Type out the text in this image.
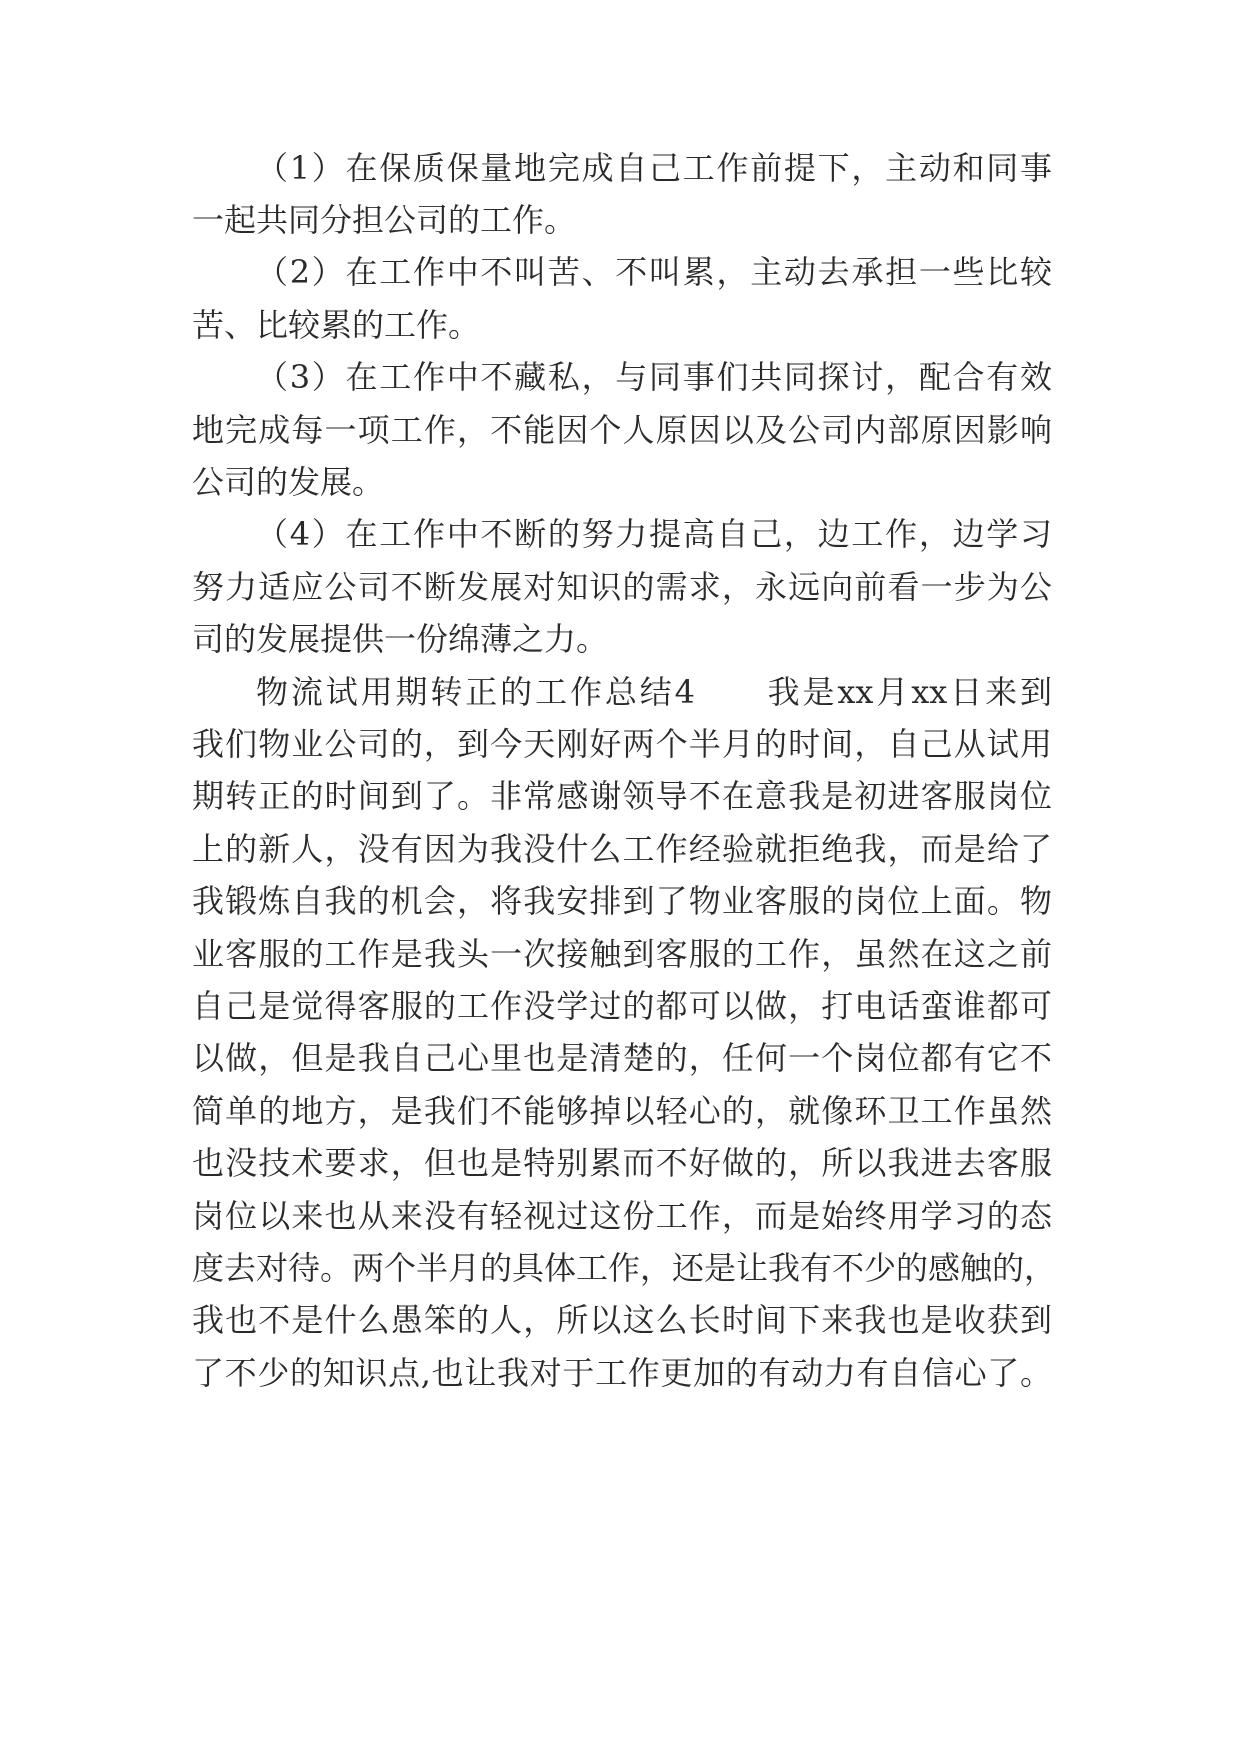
（1）在保质保量地完成自己工作前提下，主动和同事

一起共同分担公司的工作。

（2）在工作中不叫苦、不叫累，主动去承担一些比较

苦、比较累的工作。

（3）在工作中不藏私，与同事们共同探讨，配合有效

地完成每一项工作，不能因个人原因以及公司内部原因影响

公司的发展。

（4）在工作中不断的努力提高自己，边工作，边学习

努力适应公司不断发展对知识的需求，永远向前看一步为公

司的发展提供一份绵薄之力。

物流试用期转正的工作总结4　　我是xx月xx日来到

我们物业公司的，到今天刚好两个半月的时间，自己从试用

期转正的时间到了。非常感谢领导不在意我是初进客服岗位

上的新人，没有因为我没什么工作经验就拒绝我，而是给了

我锻炼自我的机会，将我安排到了物业客服的岗位上面。物

业客服的工作是我头一次接触到客服的工作，虽然在这之前

自己是觉得客服的工作没学过的都可以做，打电话蛮谁都可

以做，但是我自己心里也是清楚的，任何一个岗位都有它不

简单的地方，是我们不能够掉以轻心的，就像环卫工作虽然

也没技术要求，但也是特别累而不好做的，所以我进去客服

岗位以来也从来没有轻视过这份工作，而是始终用学习的态

度去对待。两个半月的具体工作，还是让我有不少的感触的，

我也不是什么愚笨的人，所以这么长时间下来我也是收获到

了不少的知识点,也让我对于工作更加的有动力有自信心了。
